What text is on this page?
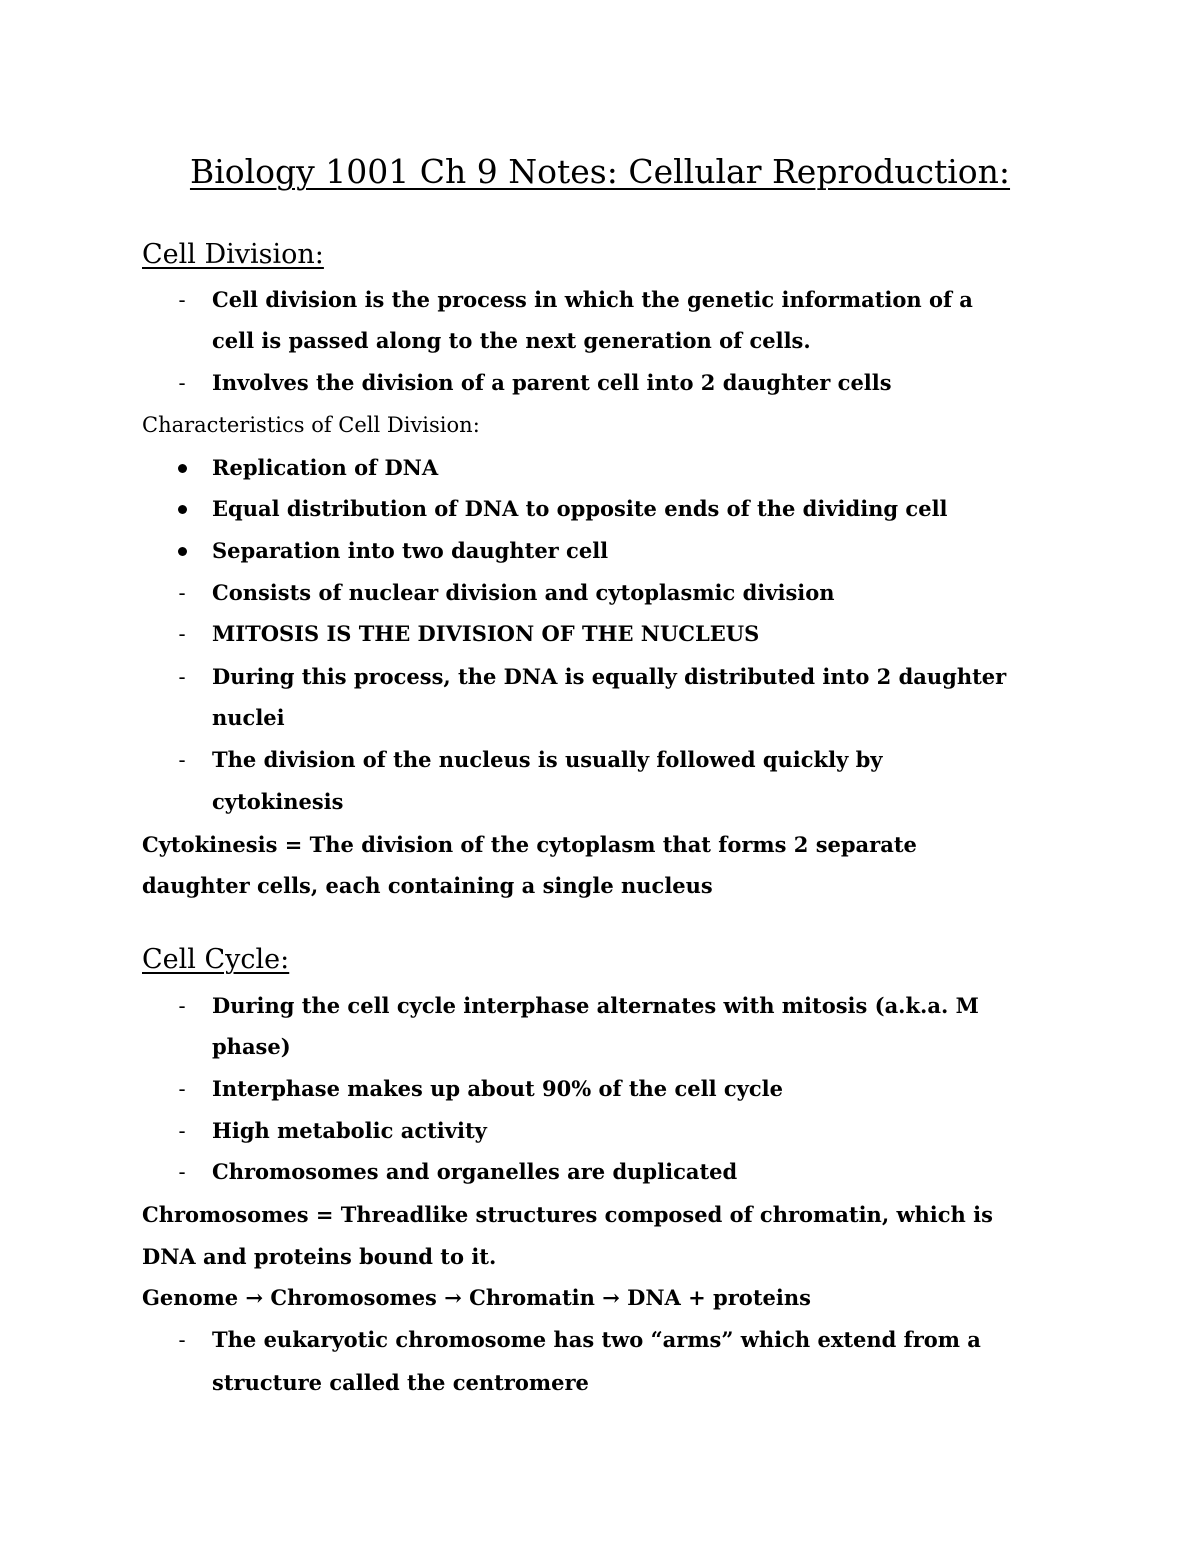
Biology 1001 Ch 9 Notes: Cellular Reproduction:
Cell Division:
-	Cell division is the process in which the genetic information of a
cell is passed along to the next generation of cells.
-	Involves the division of a parent cell into 2 daughter cells
Characteristics of Cell Division:
Replication of DNA
Equal distribution of DNA to opposite ends of the dividing cell
Separation into two daughter cell
-	Consists of nuclear division and cytoplasmic division
-	MITOSIS IS THE DIVISION OF THE NUCLEUS
-	During this process, the DNA is equally distributed into 2 daughter
nuclei
-	The division of the nucleus is usually followed quickly by
cytokinesis
Cytokinesis = The division of the cytoplasm that forms 2 separate
daughter cells, each containing a single nucleus
Cell Cycle:
-	During the cell cycle interphase alternates with mitosis (a.k.a. M
phase)
-	Interphase makes up about 90% of the cell cycle
-	High metabolic activity
-	Chromosomes and organelles are duplicated
Chromosomes = Threadlike structures composed of chromatin, which is
DNA and proteins bound to it.
Genome → Chromosomes → Chromatin → DNA + proteins
-	The eukaryotic chromosome has two “arms” which extend from a
structure called the centromere
